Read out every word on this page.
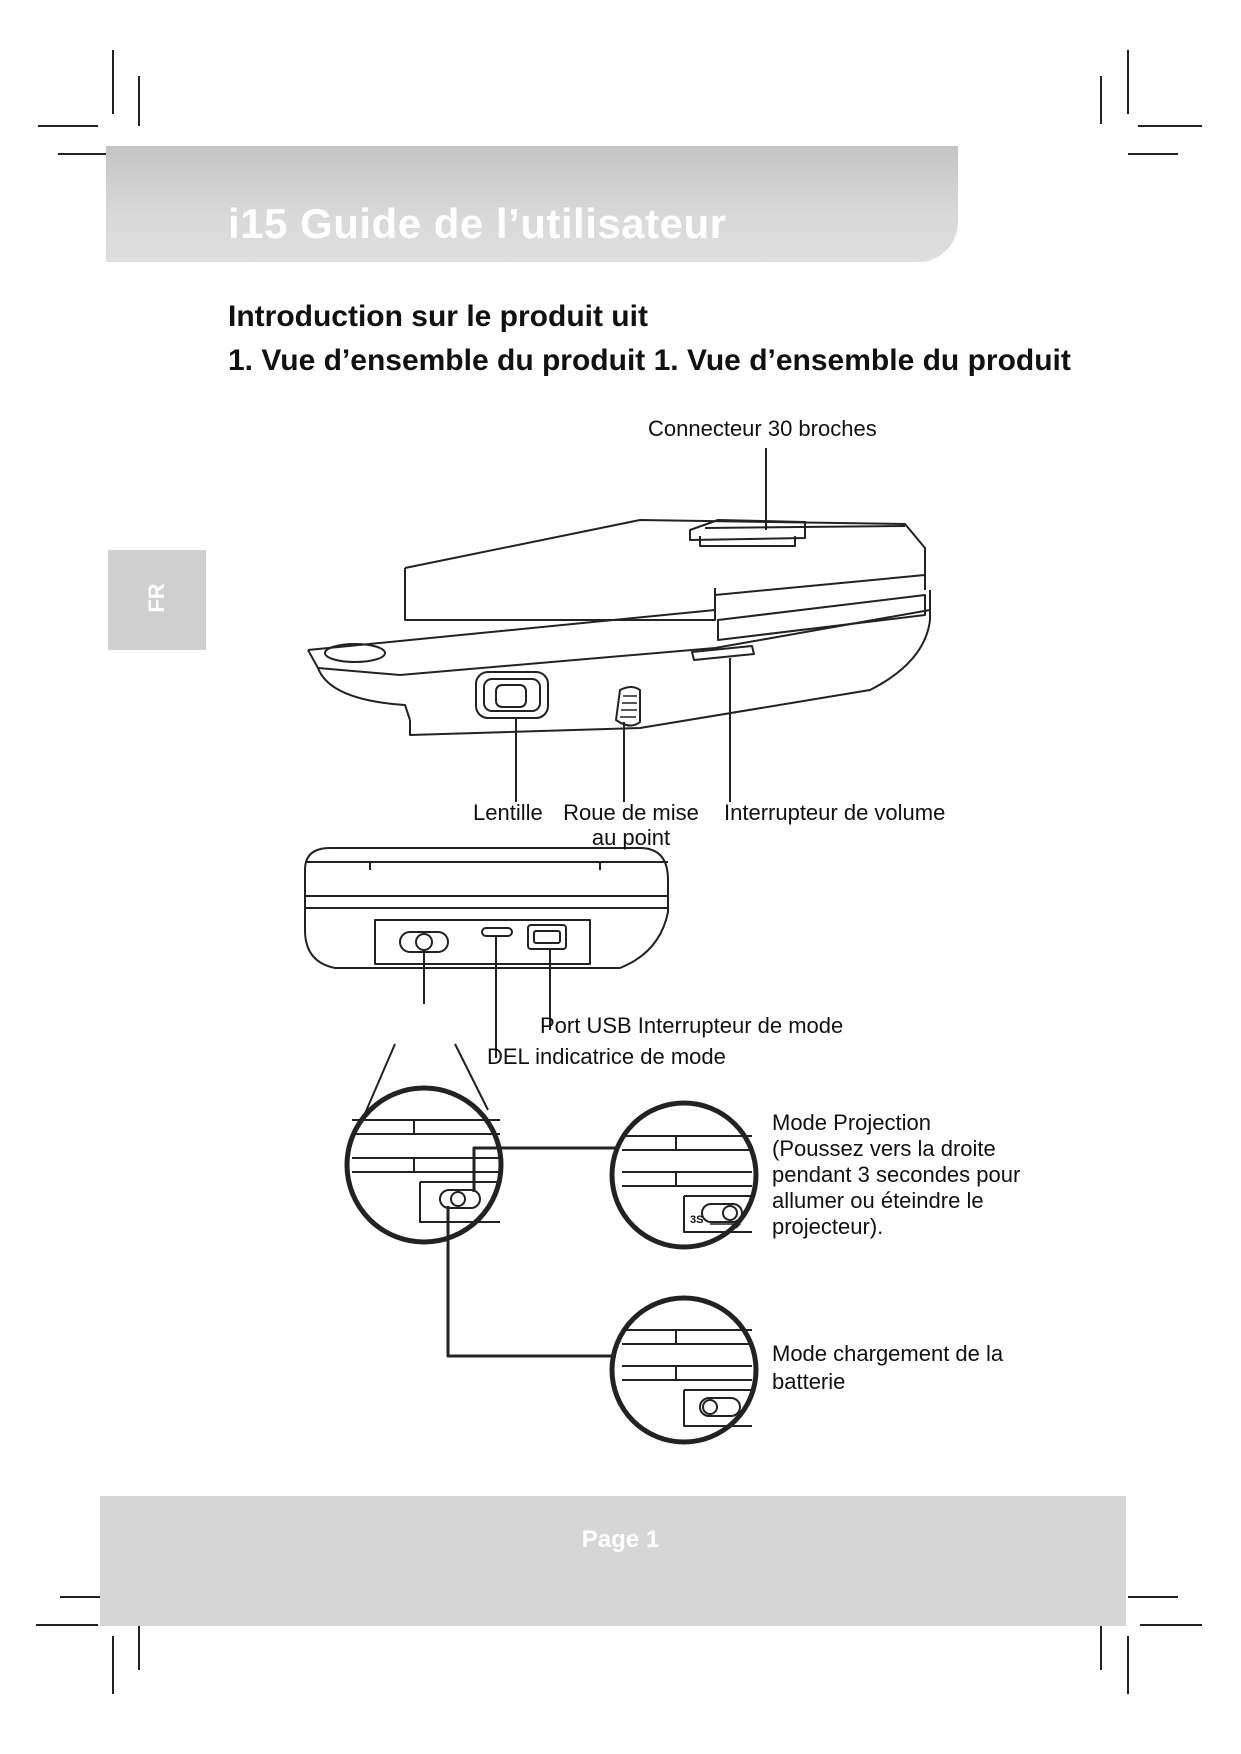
i15 Guide de l’utilisateur
Introduction sur le produit uit
1. Vue d’ensemble du produit 1. Vue d’ensemble du produit
FR
3S
Connecteur 30 broches
Lentille Roue de mise
au point
Interrupteur de volume
Port USB Interrupteur de mode
DEL indicatrice de mode
Mode Projection
(Poussez vers la droite
pendant 3 secondes pour
allumer ou éteindre le
projecteur).
Mode chargement de la
batterie
Page 1
